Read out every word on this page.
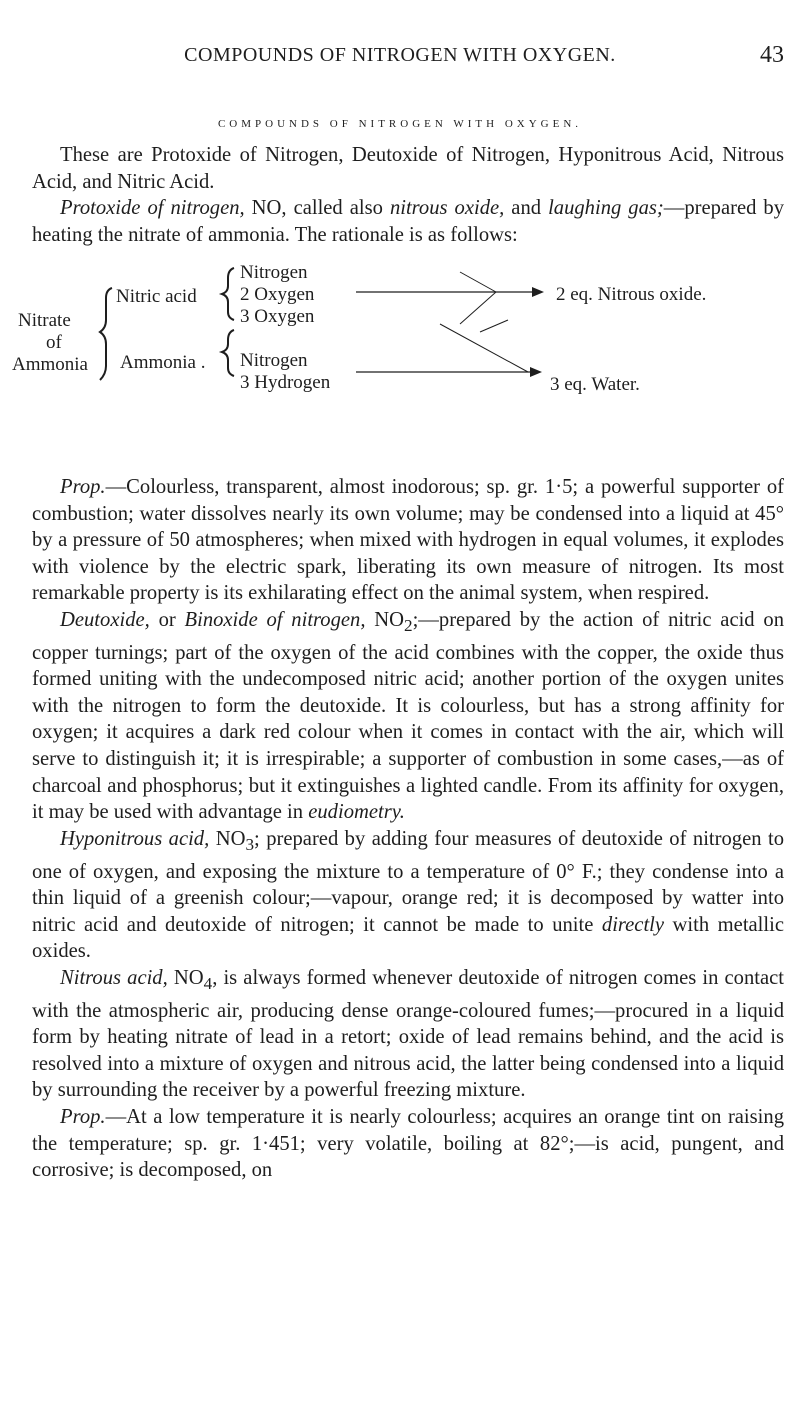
COMPOUNDS OF NITROGEN WITH OXYGEN.	43
COMPOUNDS OF NITROGEN WITH OXYGEN.

These are Protoxide of Nitrogen, Deutoxide of Nitrogen, Hyponitrous Acid, Nitrous Acid, and Nitric Acid.

Protoxide of nitrogen, NO, called also nitrous oxide, and laughing gas;—prepared by heating the nitrate of ammonia. The rationale is as follows:

Nitrate
of
Ammonia
Nitric acid
Ammonia .
Nitrogen
2 Oxygen
3 Oxygen
Nitrogen
3 Hydrogen
2 eq. Nitrous oxide.
3 eq. Water.

Prop.—Colourless, transparent, almost inodorous; sp. gr. 1·5; a powerful supporter of combustion; water dissolves nearly its own volume; may be condensed into a liquid at 45° by a pressure of 50 atmospheres; when mixed with hydrogen in equal volumes, it explodes with violence by the electric spark, liberating its own measure of nitrogen. Its most remarkable property is its exhilarating effect on the animal system, when respired.

Deutoxide, or Binoxide of nitrogen, $NO_2;—prepared$ by the action of nitric acid on copper turnings; part of the oxygen of the acid combines with the copper, the oxide thus formed uniting with the undecomposed nitric acid; another portion of the oxygen unites with the nitrogen to form the deutoxide. It is colourless, but has a strong affinity for oxygen; it acquires a dark red colour when it comes in contact with the air, which will serve to distinguish it; it is irrespirable; a supporter of combustion in some cases,—as of charcoal and phosphorus; but it extinguishes a lighted candle. From its affinity for oxygen, it may be used with advantage in eudiometry.

Hyponitrous acid, $NO_3$; prepared by adding four measures of deutoxide of nitrogen to one of oxygen, and exposing the mixture to a temperature of 0° F.; they condense into a thin liquid of a greenish colour;—vapour, orange red; it is decomposed by watter into nitric acid and deutoxide of nitrogen; it cannot be made to unite directly with metallic oxides.

Nitrous acid, $NO_4$, is always formed whenever deutoxide of nitrogen comes in contact with the atmospheric air, producing dense orange-coloured fumes;—procured in a liquid form by heating nitrate of lead in a retort; oxide of lead remains behind, and the acid is resolved into a mixture of oxygen and nitrous acid, the latter being condensed into a liquid by surrounding the receiver by a powerful freezing mixture.

Prop.—At a low temperature it is nearly colourless; acquires an orange tint on raising the temperature; sp. gr. 1·451; very volatile, boiling at 82°;—is acid, pungent, and corrosive; is decomposed, on
